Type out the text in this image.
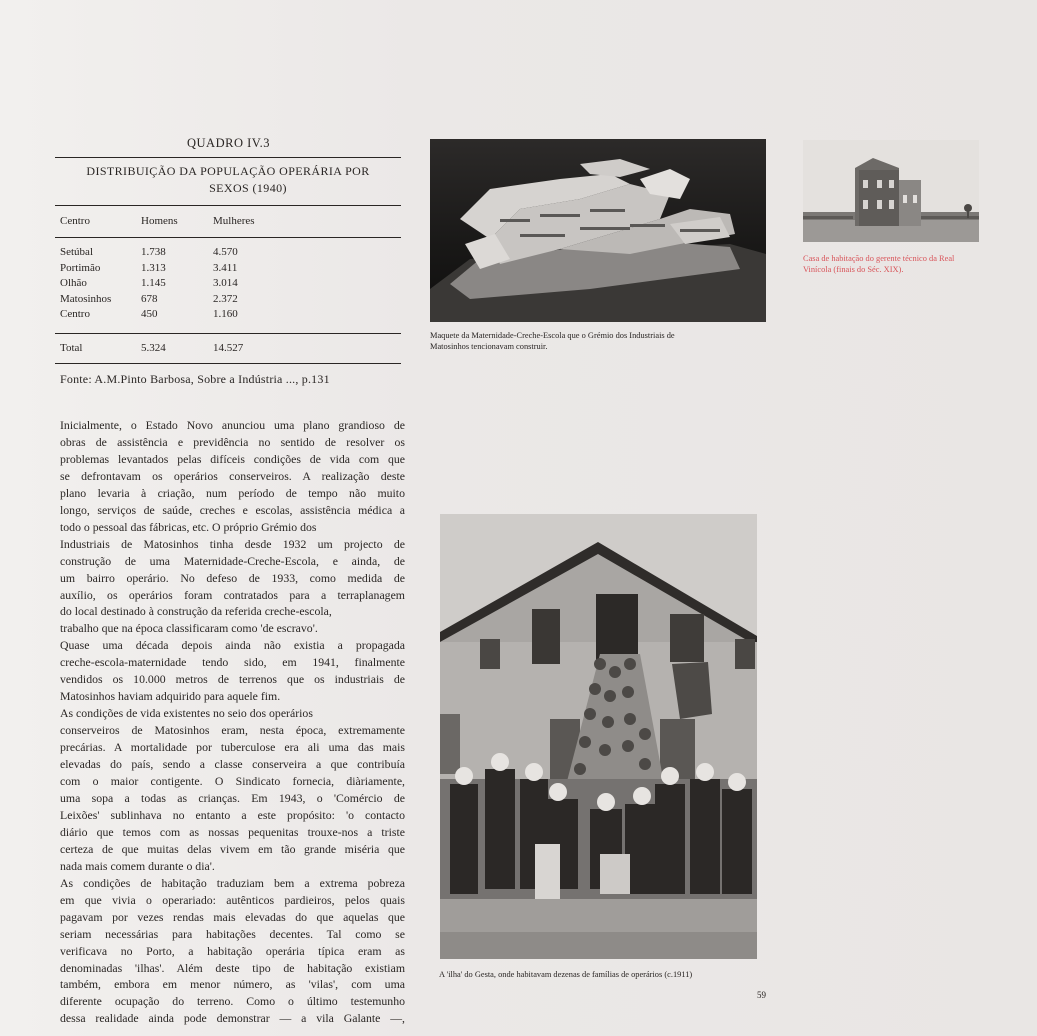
QUADRO IV.3
DISTRIBUIÇÃO DA POPULAÇÃO OPERÁRIA POR
SEXOS (1940)
Centro	Homens	Mulheres
Setúbal	1.738	4.570
Portimão	1.313	3.411
Olhão	1.145	3.014
Matosinhos	678	2.372
Centro	450	1.160
Total	5.324	14.527
Fonte: A.M.Pinto Barbosa, Sobre a Indústria ..., p.131

Inicialmente, o Estado Novo anunciou uma plano grandioso de

obras de assistência e previdência no sentido de resolver os

problemas levantados pelas difíceis condições de vida com que

se defrontavam os operários conserveiros. A realização deste

plano levaria à criação, num período de tempo não muito

longo, serviços de saúde, creches e escolas, assistência médica a

todo o pessoal das fábricas, etc. O próprio Grémio dos

Industriais de Matosinhos tinha desde 1932 um projecto de

construção de uma Maternidade-Creche-Escola, e ainda, de

um bairro operário. No defeso de 1933, como medida de

auxílio, os operários foram contratados para a terraplanagem

do local destinado à construção da referida creche-escola,

trabalho que na época classificaram como 'de escravo'.

Quase uma década depois ainda não existia a propagada

creche-escola-maternidade tendo sido, em 1941, finalmente

vendidos os 10.000 metros de terrenos que os industriais de

Matosinhos haviam adquirido para aquele fim.

As condições de vida existentes no seio dos operários

conserveiros de Matosinhos eram, nesta época, extremamente

precárias. A mortalidade por tuberculose era ali uma das mais

elevadas do país, sendo a classe conserveira a que contribuía

com o maior contigente. O Sindicato fornecia, diàriamente,

uma sopa a todas as crianças. Em 1943, o 'Comércio de

Leixões' sublinhava no entanto a este propósito: 'o contacto

diário que temos com as nossas pequenitas trouxe-nos a triste

certeza de que muitas delas vivem em tão grande miséria que

nada mais comem durante o dia'.

As condições de habitação traduziam bem a extrema pobreza

em que vivia o operariado: autênticos pardieiros, pelos quais

pagavam por vezes rendas mais elevadas do que aquelas que

seriam necessárias para habitações decentes. Tal como se

verificava no Porto, a habitação operária típica eram as

denominadas 'ilhas'. Além deste tipo de habitação existiam

também, embora em menor número, as 'vilas', com uma

diferente ocupação do terreno. Como o último testemunho

dessa realidade ainda pode demonstrar — a vila Galante —,

Maquete da Maternidade-Creche-Escola que o Grémio dos Industriais de
Matosinhos tencionavam construir.
Casa de habitação do gerente técnico da Real
Vinícola (finais do Séc. XIX).
A 'ilha' do Gesta, onde habitavam dezenas de famílias de operários (c.1911)
59
